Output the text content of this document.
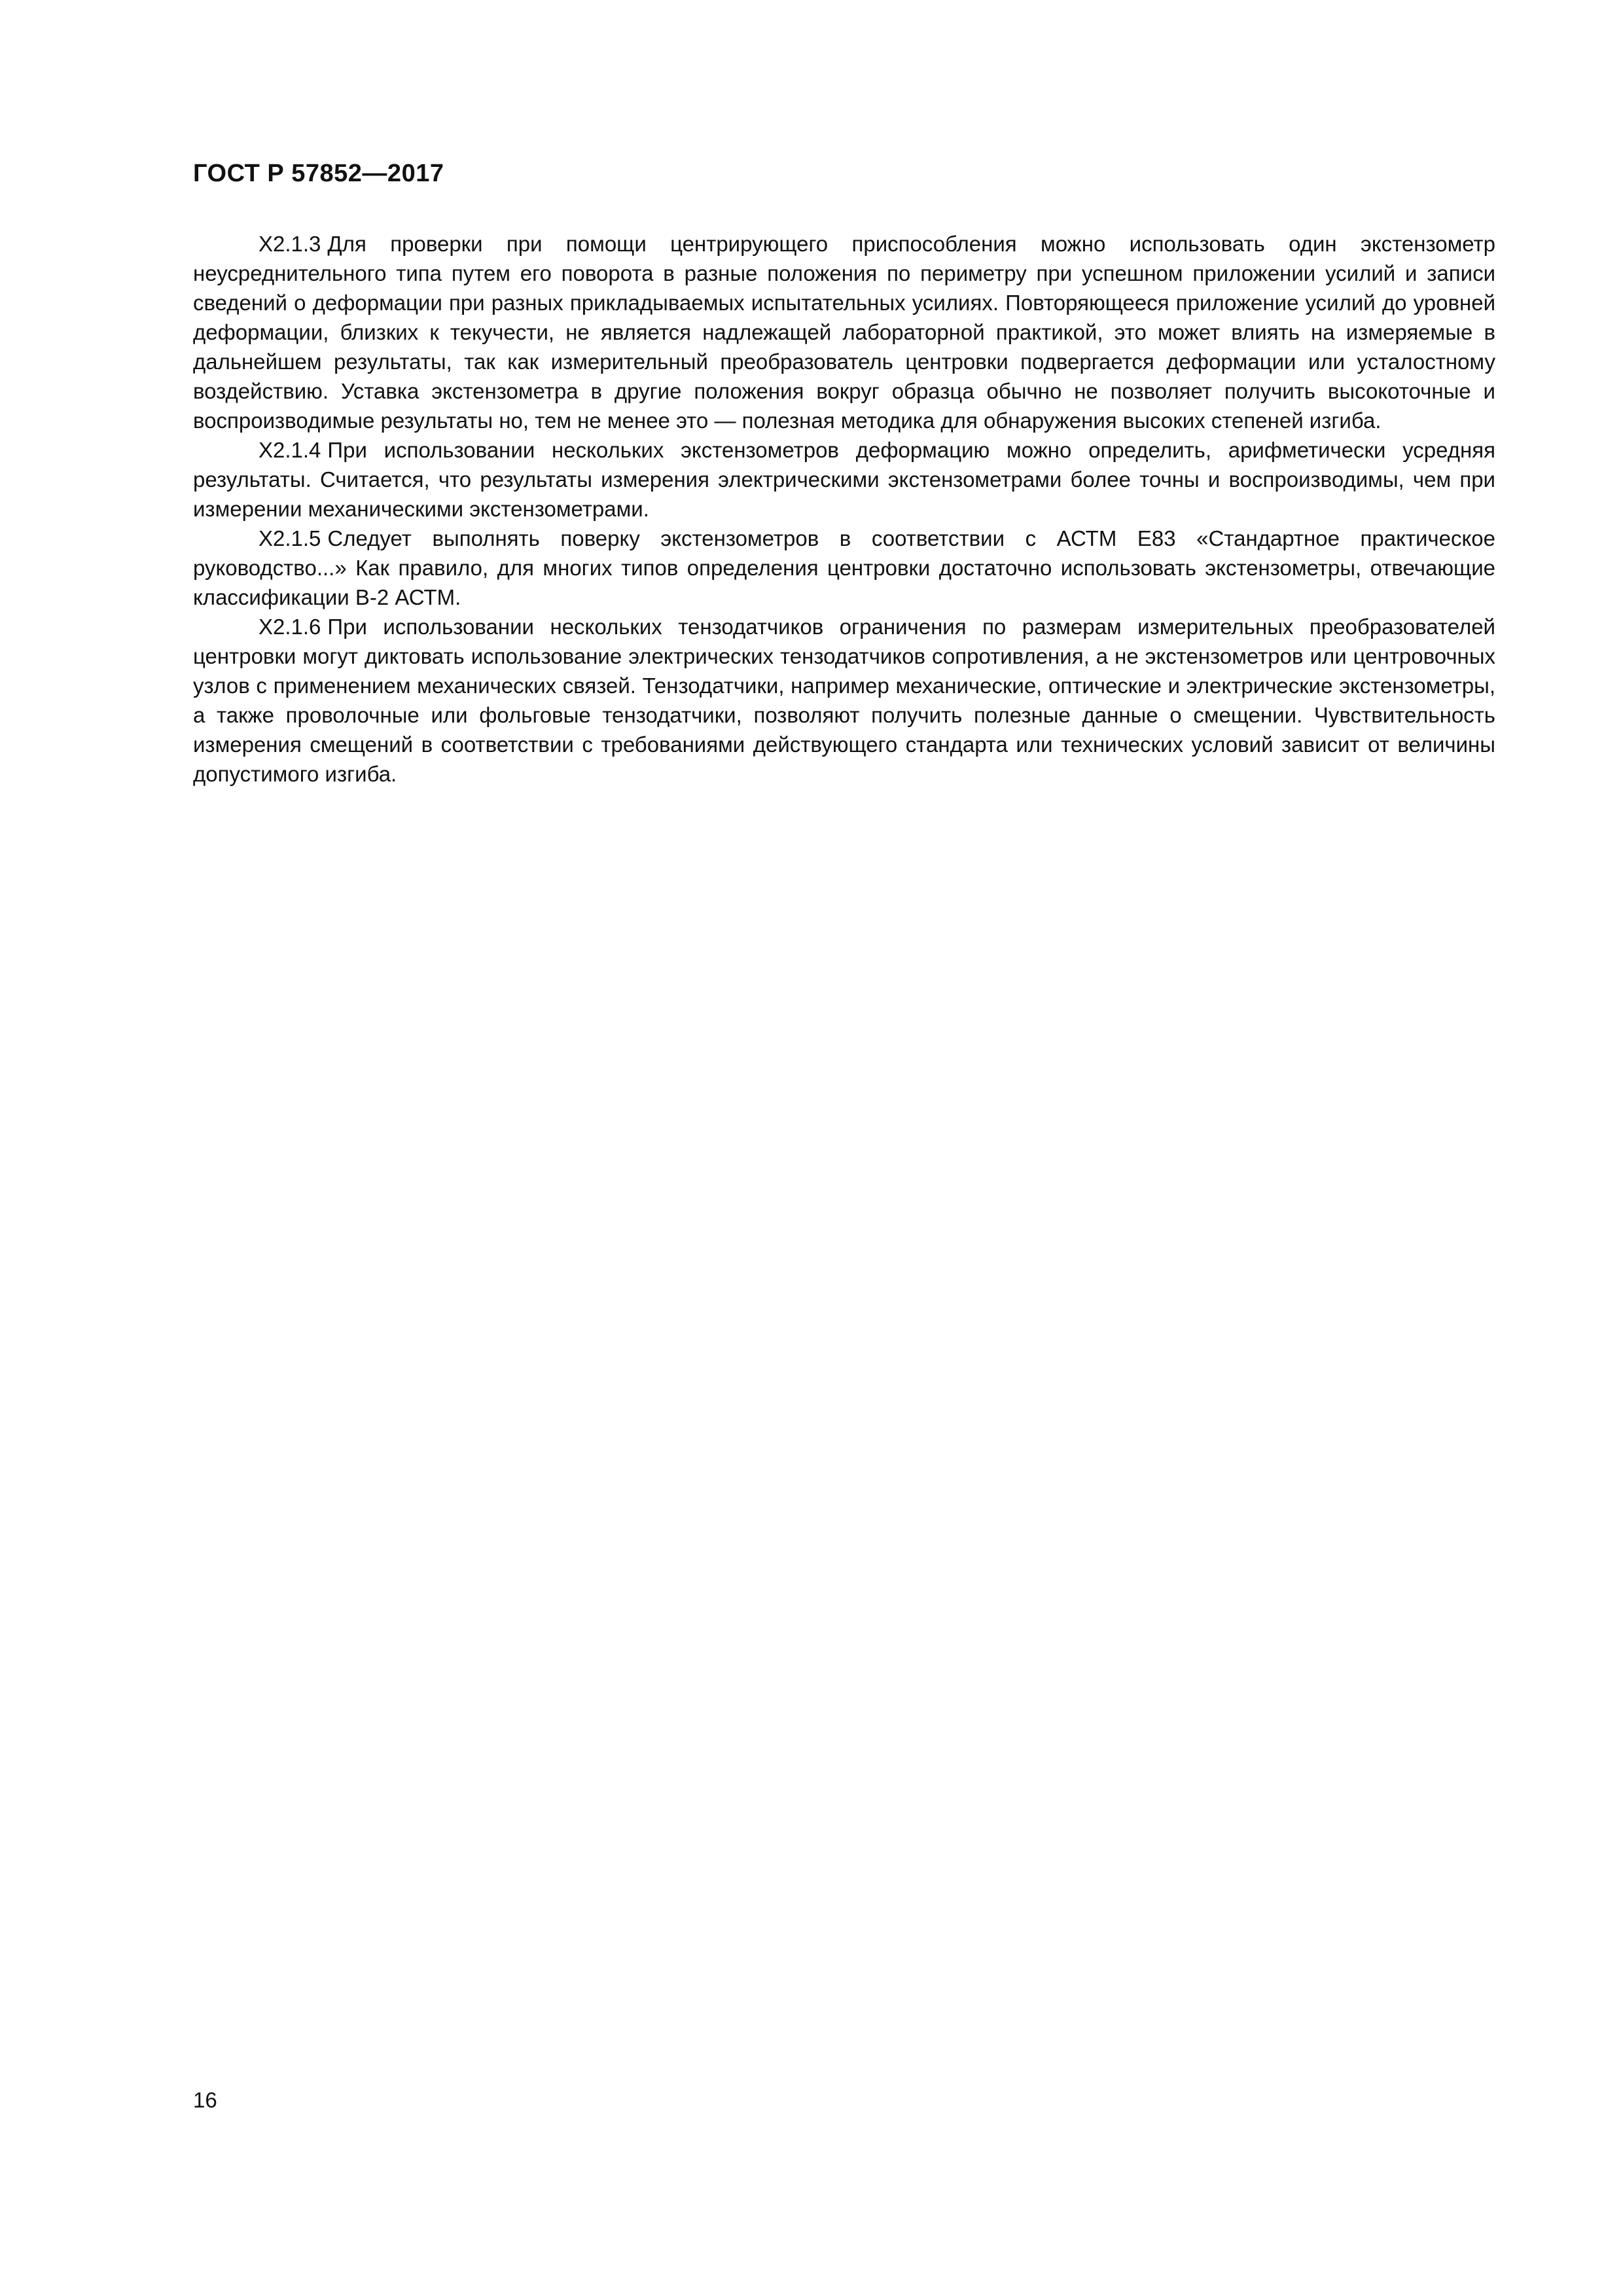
ГОСТ Р 57852—2017

X2.1.3 Для проверки при помощи центрирующего приспособления можно использовать один экстензометр неусреднительного типа путем его поворота в разные положения по периметру при успешном приложении усилий и записи сведений о деформации при разных прикладываемых испытательных усилиях. Повторяющееся приложение усилий до уровней деформации, близких к текучести, не является надлежащей лабораторной практикой, это может влиять на измеряемые в дальнейшем результаты, так как измерительный преобразователь центровки подвергается деформации или усталостному воздействию. Уставка экстензометра в другие положения вокруг образца обычно не позволяет получить высокоточные и воспроизводимые результаты но, тем не менее это — полезная методика для обнаружения высоких степеней изгиба.

X2.1.4 При использовании нескольких экстензометров деформацию можно определить, арифметически усредняя результаты. Считается, что результаты измерения электрическими экстензометрами более точны и воспроизводимы, чем при измерении механическими экстензометрами.

X2.1.5 Следует выполнять поверку экстензометров в соответствии с АСТМ Е83 «Стандартное практическое руководство...» Как правило, для многих типов определения центровки достаточно использовать экстензометры, отвечающие классификации В-2 АСТМ.

X2.1.6 При использовании нескольких тензодатчиков ограничения по размерам измерительных преобразователей центровки могут диктовать использование электрических тензодатчиков сопротивления, а не экстензометров или центровочных узлов с применением механических связей. Тензодатчики, например механические, оптические и электрические экстензометры, а также проволочные или фольговые тензодатчики, позволяют получить полезные данные о смещении. Чувствительность измерения смещений в соответствии с требованиями действующего стандарта или технических условий зависит от величины допустимого изгиба.

16
